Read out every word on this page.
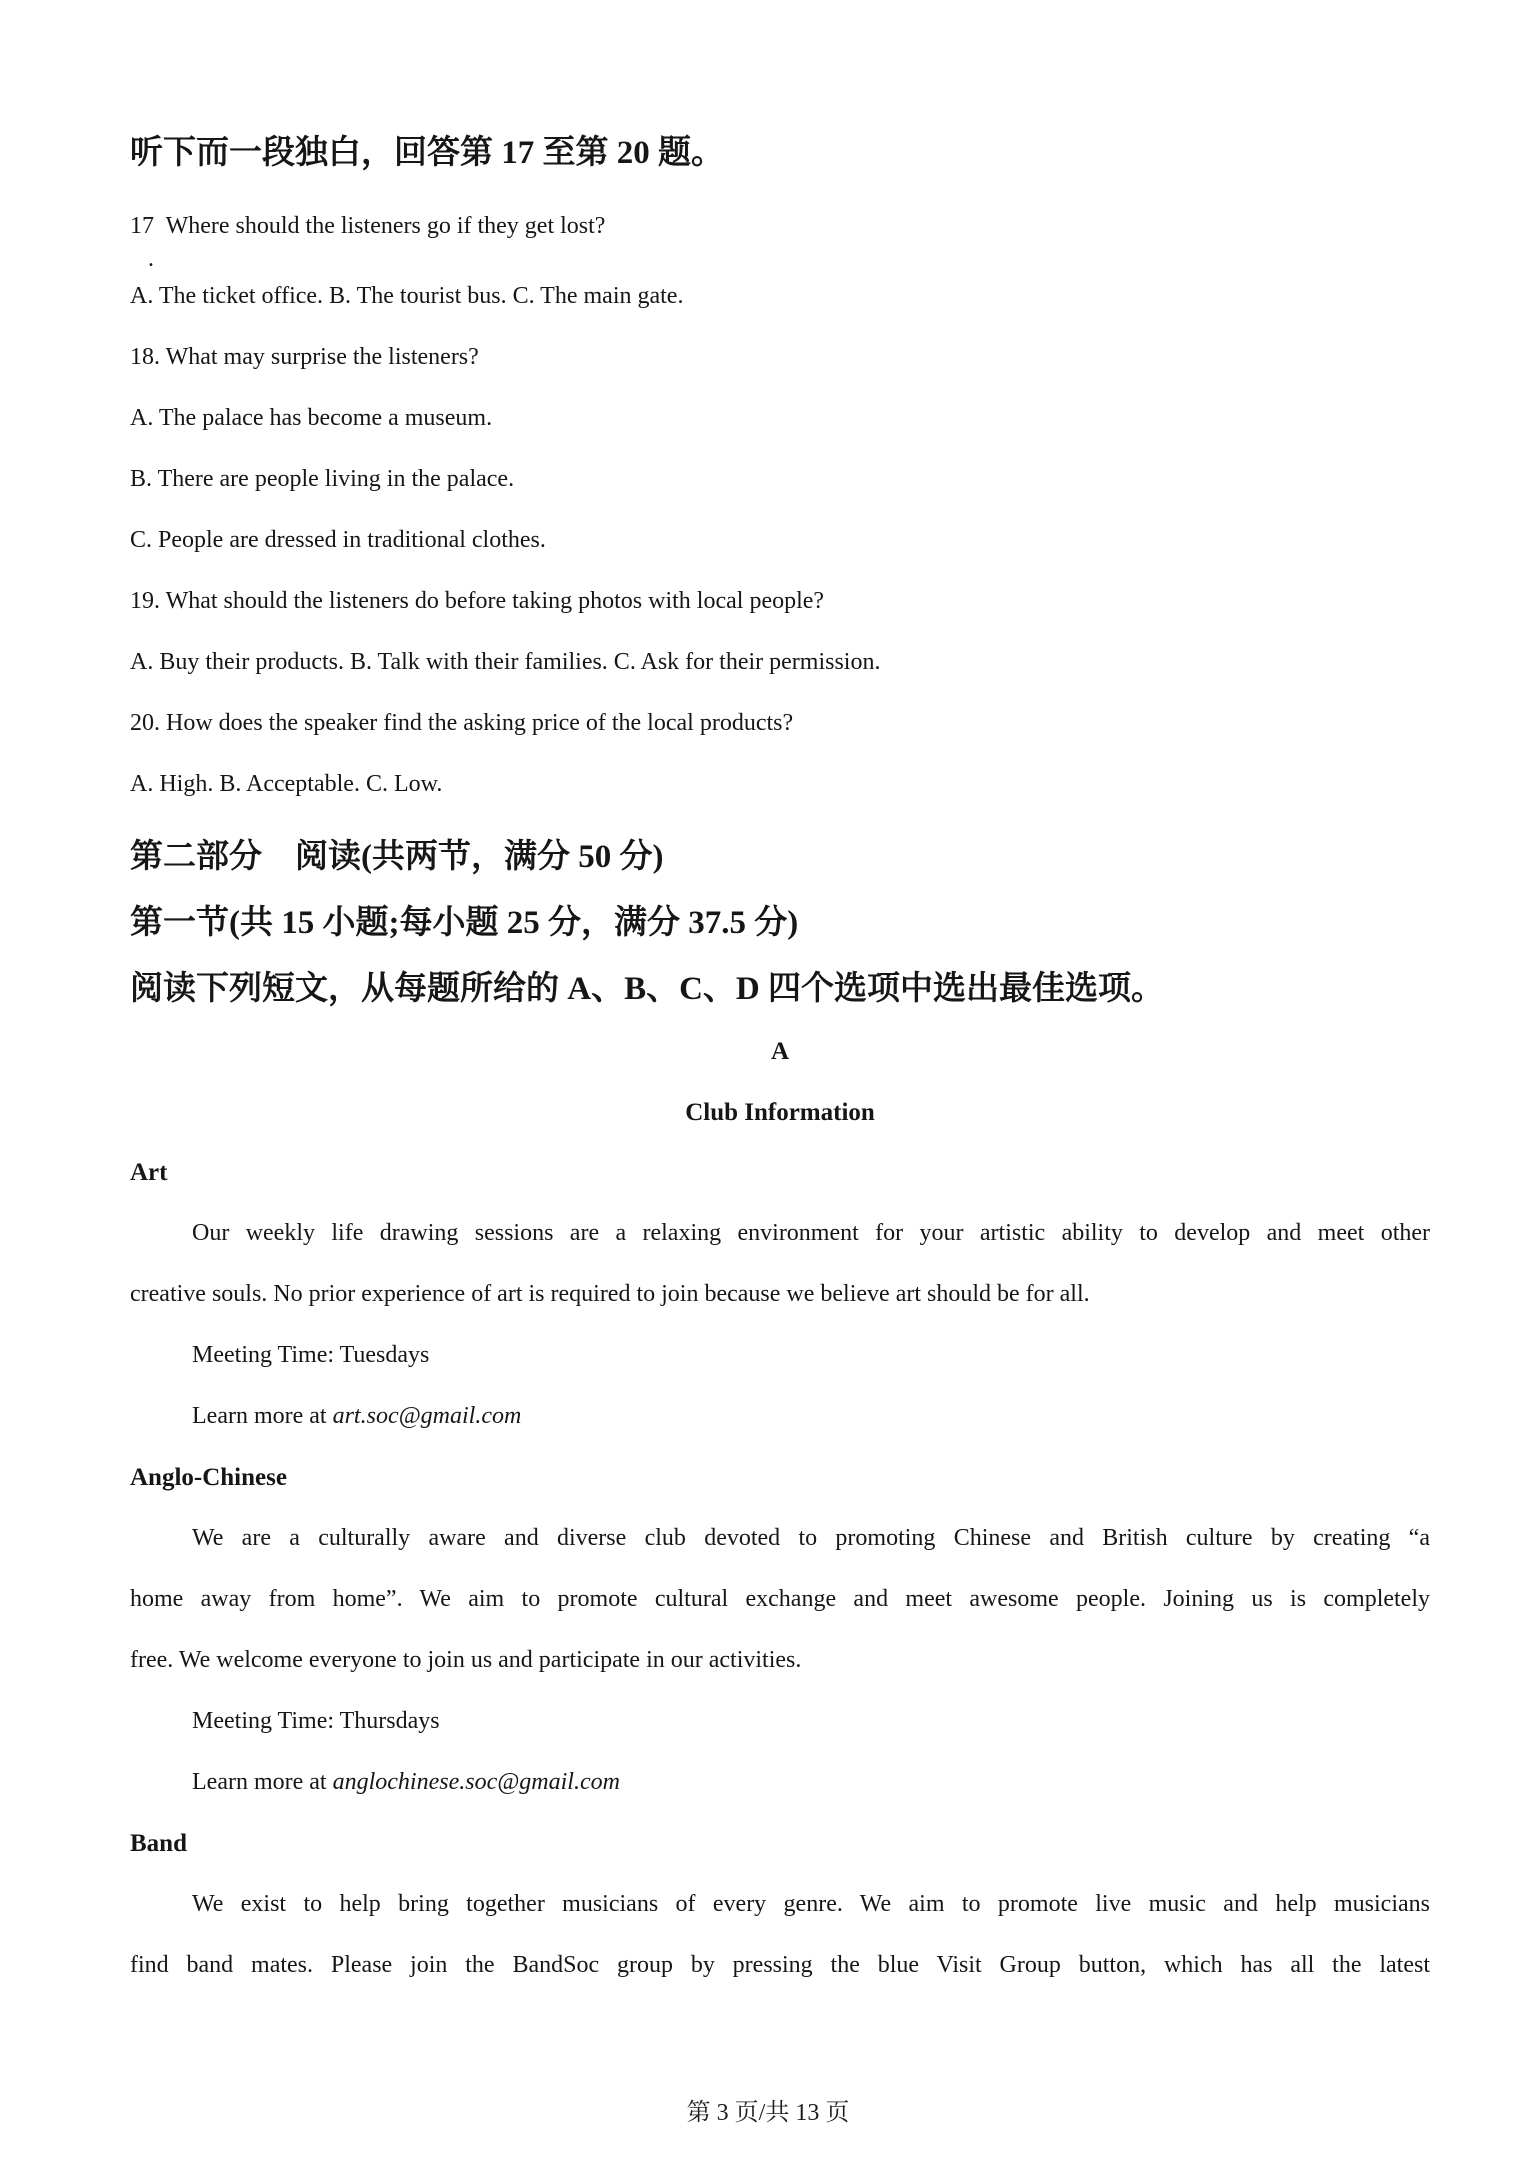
听下而一段独白，回答第 17 至第 20 题。
17  Where should the listeners go if they get lost?
.
A. The ticket office. B. The tourist bus. C. The main gate.
18. What may surprise the listeners?
A. The palace has become a museum.
B. There are people living in the palace.
C. People are dressed in traditional clothes.
19. What should the listeners do before taking photos with local people?
A. Buy their products. B. Talk with their families. C. Ask for their permission.
20. How does the speaker find the asking price of the local products?
A. High. B. Acceptable. C. Low.
第二部分　阅读(共两节，满分 50 分)
第一节(共 15 小题;每小题 25 分，满分 37.5 分)
阅读下列短文，从每题所给的 A、B、C、D 四个选项中选出最佳选项。
A
Club Information
Art
Our weekly life drawing sessions are a relaxing environment for your artistic ability to develop and meet other
creative souls. No prior experience of art is required to join because we believe art should be for all.
Meeting Time: Tuesdays
Learn more at art.soc@gmail.com
Anglo-Chinese
We are a culturally aware and diverse club devoted to promoting Chinese and British culture by creating “a
home away from home”. We aim to promote cultural exchange and meet awesome people. Joining us is completely
free. We welcome everyone to join us and participate in our activities.
Meeting Time: Thursdays
Learn more at anglochinese.soc@gmail.com
Band
We exist to help bring together musicians of every genre. We aim to promote live music and help musicians
find band mates. Please join the BandSoc group by pressing the blue Visit Group button, which has all the latest
第 3 页/共 13 页
